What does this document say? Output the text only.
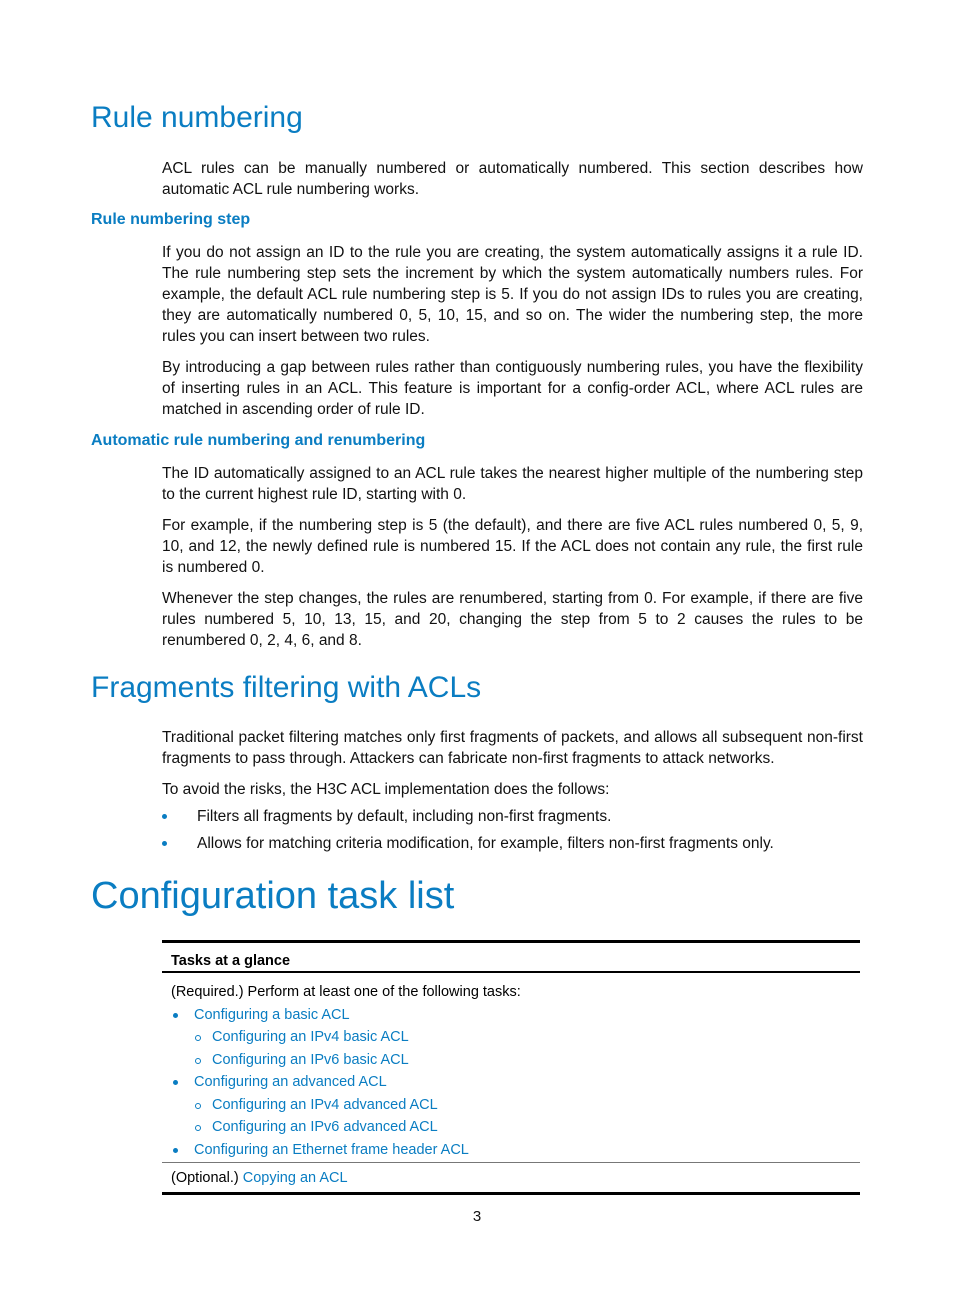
Rule numbering

ACL rules can be manually numbered or automatically numbered. This section describes how automatic ACL rule numbering works.

Rule numbering step

If you do not assign an ID to the rule you are creating, the system automatically assigns it a rule ID. The rule numbering step sets the increment by which the system automatically numbers rules. For example, the default ACL rule numbering step is 5. If you do not assign IDs to rules you are creating, they are automatically numbered 0, 5, 10, 15, and so on. The wider the numbering step, the more rules you can insert between two rules.

By introducing a gap between rules rather than contiguously numbering rules, you have the flexibility of inserting rules in an ACL. This feature is important for a config-order ACL, where ACL rules are matched in ascending order of rule ID.

Automatic rule numbering and renumbering

The ID automatically assigned to an ACL rule takes the nearest higher multiple of the numbering step to the current highest rule ID, starting with 0.

For example, if the numbering step is 5 (the default), and there are five ACL rules numbered 0, 5, 9, 10, and 12, the newly defined rule is numbered 15. If the ACL does not contain any rule, the first rule is numbered 0.

Whenever the step changes, the rules are renumbered, starting from 0. For example, if there are five rules numbered 5, 10, 13, 15, and 20, changing the step from 5 to 2 causes the rules to be renumbered 0, 2, 4, 6, and 8.

Fragments filtering with ACLs

Traditional packet filtering matches only first fragments of packets, and allows all subsequent non-first fragments to pass through. Attackers can fabricate non-first fragments to attack networks.

To avoid the risks, the H3C ACL implementation does the follows:

Filters all fragments by default, including non-first fragments.
Allows for matching criteria modification, for example, filters non-first fragments only.
Configuration task list
Tasks at a glance
(Required.) Perform at least one of the following tasks:
Configuring a basic ACL
Configuring an IPv4 basic ACL
Configuring an IPv6 basic ACL
Configuring an advanced ACL
Configuring an IPv4 advanced ACL
Configuring an IPv6 advanced ACL
Configuring an Ethernet frame header ACL
(Optional.) Copying an ACL
3
